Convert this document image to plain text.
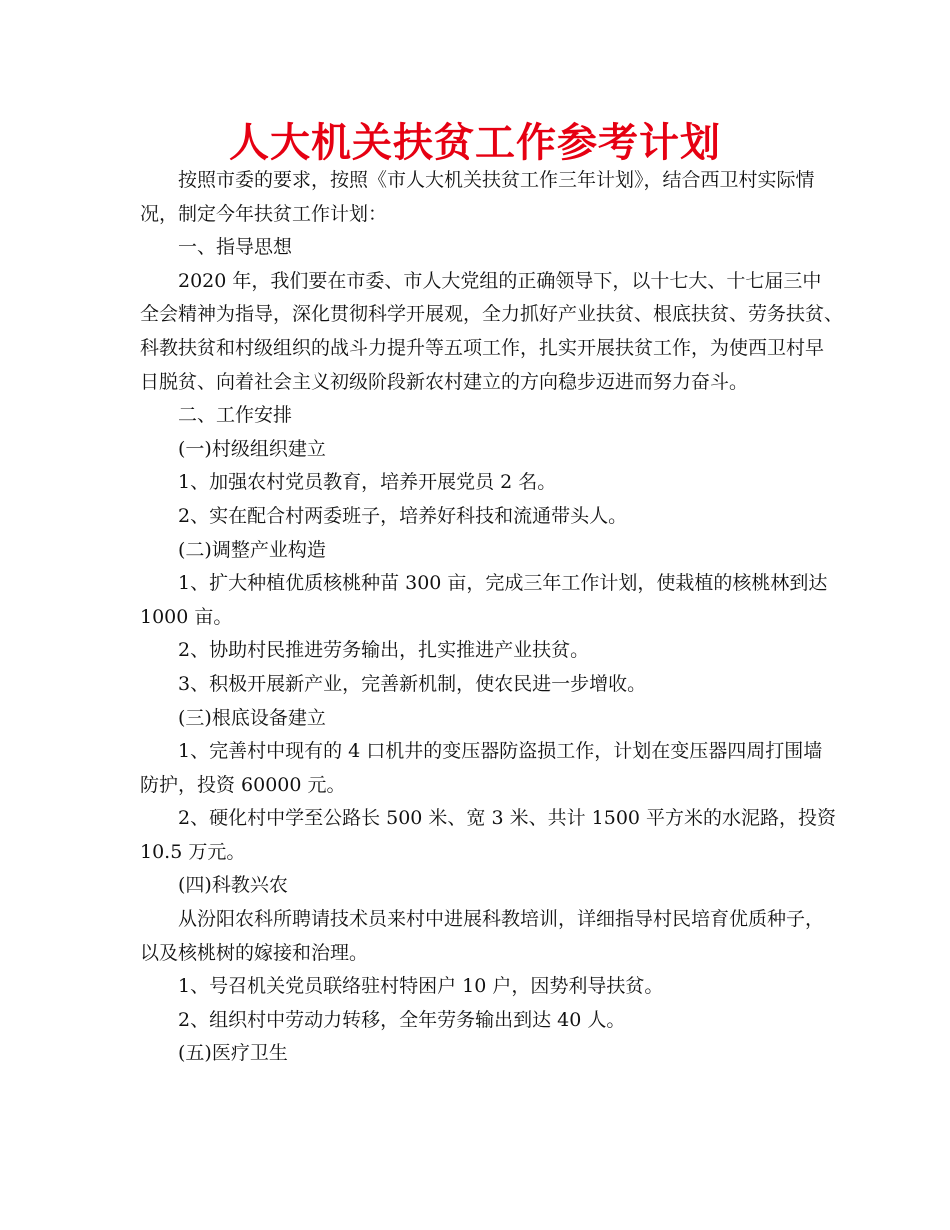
人大机关扶贫工作参考计划

按照市委的要求，按照《市人大机关扶贫工作三年计划》，结合西卫村实际情

况，制定今年扶贫工作计划：

一、指导思想

2020 年，我们要在市委、市人大党组的正确领导下，以十七大、十七届三中

全会精神为指导，深化贯彻科学开展观，全力抓好产业扶贫、根底扶贫、劳务扶贫、

科教扶贫和村级组织的战斗力提升等五项工作，扎实开展扶贫工作，为使西卫村早

日脱贫、向着社会主义初级阶段新农村建立的方向稳步迈进而努力奋斗。

二、工作安排

(一)村级组织建立

1、加强农村党员教育，培养开展党员 2 名。

2、实在配合村两委班子，培养好科技和流通带头人。

(二)调整产业构造

1、扩大种植优质核桃种苗 300 亩，完成三年工作计划，使栽植的核桃林到达

1000 亩。

2、协助村民推进劳务输出，扎实推进产业扶贫。

3、积极开展新产业，完善新机制，使农民进一步增收。

(三)根底设备建立

1、完善村中现有的 4 口机井的变压器防盗损工作，计划在变压器四周打围墙

防护，投资 60000 元。

2、硬化村中学至公路长 500 米、宽 3 米、共计 1500 平方米的水泥路，投资

10.5 万元。

(四)科教兴农

从汾阳农科所聘请技术员来村中进展科教培训，详细指导村民培育优质种子，

以及核桃树的嫁接和治理。

1、号召机关党员联络驻村特困户 10 户，因势利导扶贫。

2、组织村中劳动力转移，全年劳务输出到达 40 人。

(五)医疗卫生
